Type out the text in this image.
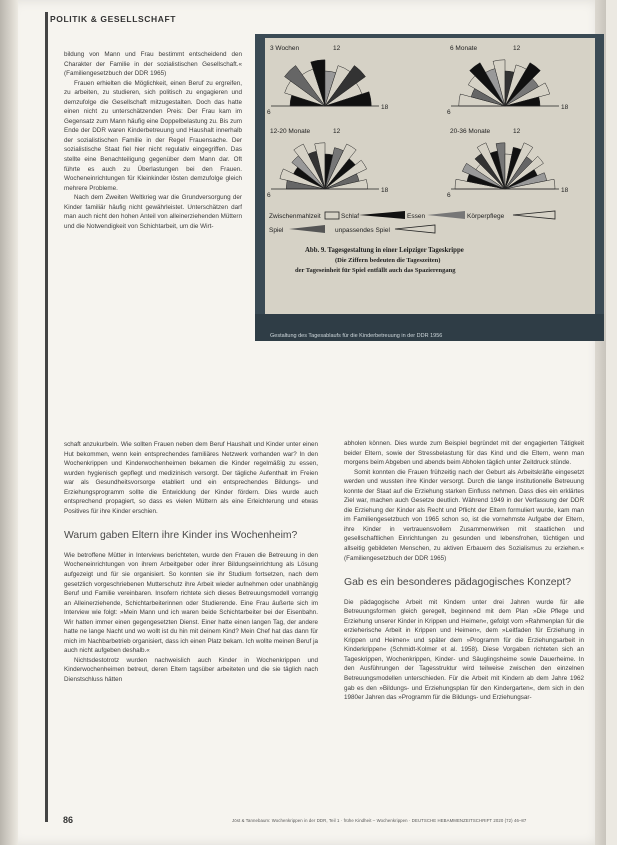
POLITIK & GESELLSCHAFT
3 Wochen	12
6
18
6 Monate	12
6
18
12-20 Monate	12
6
18
20-36 Monate	12
6
18
Zwischenmahlzeit	Schlaf	Essen	Körperpflege
Spiel	unpassendes Spiel
Abb. 9. Tagesgestaltung in einer Leipziger Tageskrippe
(Die Ziffern bedeuten die Tageszeiten)
der Tageseinheit für Spiel entfällt auch das Spazierengang
Gestaltung des Tagesablaufs für die Kinderbetreuung in der DDR 1956

bildung von Mann und Frau bestimmt entscheidend den Charakter der Familie in der sozialistischen Gesellschaft.« (Familiengesetzbuch der DDR 1965)

Frauen erhielten die Möglichkeit, einen Beruf zu ergreifen, zu arbeiten, zu studieren, sich politisch zu engagieren und demzufolge die Gesellschaft mitzugestalten. Doch das hatte einen nicht zu unterschätzenden Preis: Der Frau kam im Gegensatz zum Mann häufig eine Doppelbelastung zu. Bis zum Ende der DDR waren Kinderbetreuung und Haushalt innerhalb der sozialistischen Familie in der Regel Frauensache. Der sozialistische Staat fiel hier nicht regulativ eingegriffen. Das stellte eine Benachteiligung gegenüber dem Mann dar. Oft führte es auch zu Überlastungen bei den Frauen. Wocheneinrichtungen für Kleinkinder lösten demzufolge gleich mehrere Probleme.

Nach dem Zweiten Weltkrieg war die Grundversorgung der Kinder familiär häufig nicht gewährleistet. Unterschätzen darf man auch nicht den hohen Anteil von alleinerziehenden Müttern und die Notwendigkeit von Schichtarbeit, um die Wirt-

schaft anzukurbeln. Wie sollten Frauen neben dem Beruf Haushalt und Kinder unter einen Hut bekommen, wenn kein entsprechendes familiäres Netzwerk vorhanden war? In den Wochenkrippen und Kinderwochenheimen bekamen die Kinder regelmäßig zu essen, wurden hygienisch gepflegt und medizinisch versorgt. Der tägliche Aufenthalt im Freien war als Gesundheitsvorsorge etabliert und ein entsprechendes Bildungs- und Erziehungsprogramm sollte die Entwicklung der Kinder fördern. Dies wurde auch entsprechend propagiert, so dass es vielen Müttern als eine Erleichterung und etwas Positives für ihre Kinder erschien.

Warum gaben Eltern ihre Kinder ins Wochenheim?

Wie betroffene Mütter in Interviews berichteten, wurde den Frauen die Betreuung in den Wocheneinrichtungen von ihrem Arbeitgeber oder ihrer Bildungseinrichtung als Lösung aufgezeigt und für sie organisiert. So konnten sie ihr Studium fortsetzen, nach dem gesetzlich vorgeschriebenen Mutterschutz ihre Arbeit wieder aufnehmen oder unabhängig Beruf und Familie vereinbaren. Insofern richtete sich dieses Betreuungsmodell vorrangig an Alleinerziehende, Schichtarbeiterinnen oder Studierende. Eine Frau äußerte sich im Interview wie folgt: »Mein Mann und ich waren beide Schichtarbeiter bei der Eisenbahn. Wir hatten immer einen gegengesetzten Dienst. Einer hatte einen langen Tag, der andere hatte ne lange Nacht und wo wollt ist du hin mit deinem Kind? Mein Chef hat das dann für mich im Nachbarbetrieb organisiert, dass ich einen Platz bekam. Ich wollte meinen Beruf ja auch nicht aufgeben deshalb.«

Nichtsdestotrotz wurden nachweislich auch Kinder in Wochenkrippen und Kinderwochenheimen betreut, deren Eltern tagsüber arbeiteten und die sie täglich nach Dienstschluss hätten

abholen können. Dies wurde zum Beispiel begründet mit der engagierten Tätigkeit beider Eltern, sowie der Stressbelastung für das Kind und die Eltern, wenn man morgens beim Abgeben und abends beim Abholen täglich unter Zeitdruck stünde.

Somit konnten die Frauen frühzeitig nach der Geburt als Arbeitskräfte eingesetzt werden und wussten ihre Kinder versorgt. Durch die lange institutionelle Betreuung konnte der Staat auf die Erziehung starken Einfluss nehmen. Dass dies ein erklärtes Ziel war, machen auch Gesetze deutlich. Während 1949 in der Verfassung der DDR die Erziehung der Kinder als Recht und Pflicht der Eltern formuliert wurde, kam man im Familiengesetzbuch von 1965 schon so, ist die vornehmste Aufgabe der Eltern, ihre Kinder in vertrauensvollem Zusammenwirken mit staatlichen und gesellschaftlichen Einrichtungen zu gesunden und lebensfrohen, tüchtigen und allseitig gebildeten Menschen, zu aktiven Erbauern des Sozialismus zu erziehen.« (Familiengesetzbuch der DDR 1965)

Gab es ein besonderes pädagogisches Konzept?

Die pädagogische Arbeit mit Kindern unter drei Jahren wurde für alle Betreuungsformen gleich geregelt, beginnend mit dem Plan »Die Pflege und Erziehung unserer Kinder in Krippen und Heimen«, gefolgt vom »Rahmenplan für die erzieherische Arbeit in Krippen und Heimen«, dem »Leitfaden für Erziehung in Krippen und Heimen« und später dem »Programm für die Erziehungsarbeit in Kinderkrippen« (Schmidt-Kolmer et al. 1958). Diese Vorgaben richteten sich an Tageskrippen, Wochenkrippen, Kinder- und Säuglingsheime sowie Dauerheime. In den Ausführungen der Tagesstruktur wird teilweise zwischen den einzelnen Betreuungsmodellen unterschieden. Für die Arbeit mit Kindern ab dem Jahre 1962 gab es den »Bildungs- und Erziehungsplan für den Kindergarten«, dem sich in den 1980er Jahren das »Programm für die Bildungs- und Erziehungsar-

86	Jöst & Tannebaum: Wochenkrippen in der DDR, Teil 1 · frühe Kindheit – Wochenkrippen · DEUTSCHE HEBAMMENZEITSCHRIFT 2020 (72) 46–87
